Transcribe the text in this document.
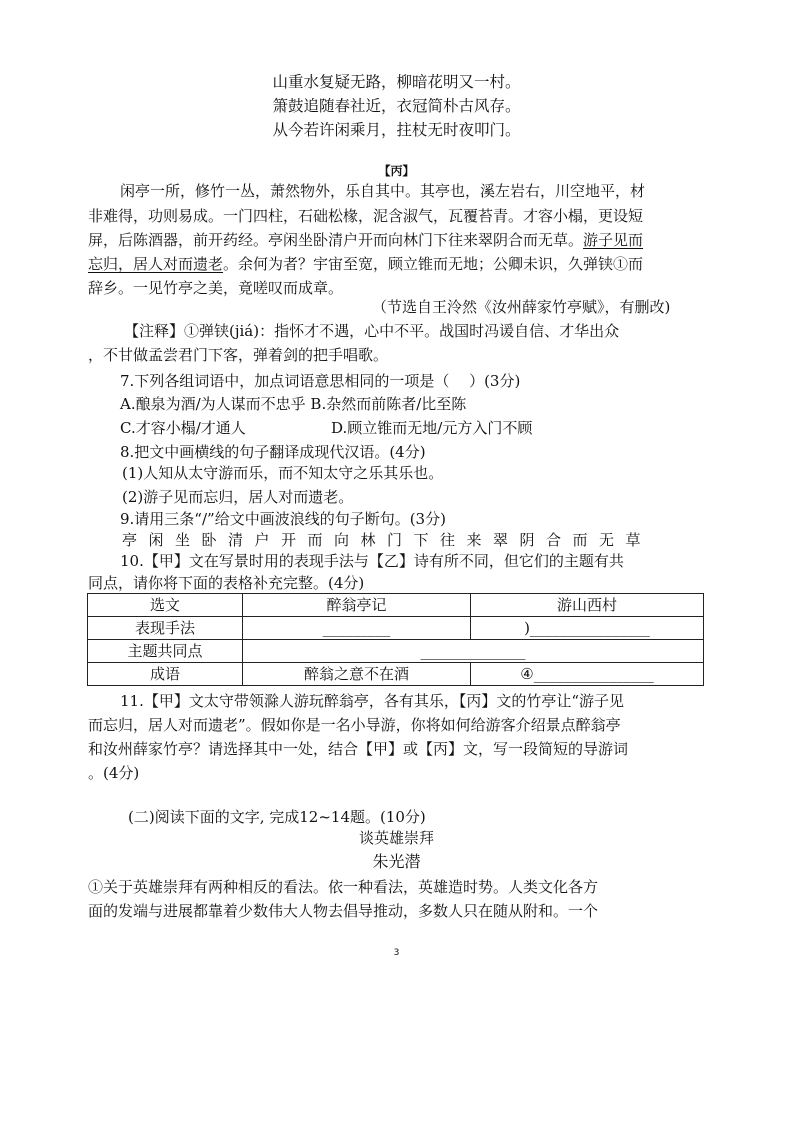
山重水复疑无路，柳暗花明又一村。
箫鼓追随春社近，衣冠简朴古风存。
从今若许闲乘月，拄杖无时夜叩门。
【丙】
闲亭一所，修竹一丛，萧然物外，乐自其中。其亭也，溪左岩右，川空地平，材
非难得，功则易成。一门四柱，石础松椽，泥含淑气，瓦覆苔青。才容小榻，更设短
屏，后陈酒器，前开药经。亭闲坐卧清户开而向林门下往来翠阴合而无草。游子见而
忘归，居人对而遗老。余何为者？宇宙至宽，顾立锥而无地；公卿未识，久弹铗①而
辞乡。一见竹亭之美，竟嗟叹而成章。
（节选自王泠然《汝州薛家竹亭赋》，有删改)
【注释】①弹铗(jiá)：指怀才不遇，心中不平。战国时冯谖自信、才华出众
，不甘做孟尝君门下客，弹着剑的把手唱歌。
7.下列各组词语中，加点词语意思相同的一项是（　 ）(3分)
A.酿泉为酒/为人谋而不忠乎 B.杂然而前陈者/比至陈
C.才容小榻/才通人	D.顾立锥而无地/元方入门不顾
8.把文中画横线的句子翻译成现代汉语。(4分)
(1)人知从太守游而乐，而不知太守之乐其乐也。
(2)游子见而忘归，居人对而遗老。
9.请用三条“/”给文中画波浪线的句子断句。(3分)
亭闲坐卧清户开而向林门下往来翠阴合而无草
10.【甲】文在写景时用的表现手法与【乙】诗有所不同，但它们的主题有共
同点，请你将下面的表格补充完整。(4分)
选文	醉翁亭记	游山西村
表现手法	_________	)________________
主题共同点	______________	
成语	醉翁之意不在酒	④________________
11.【甲】文太守带领滁人游玩醉翁亭，各有其乐，【丙】文的竹亭让“游子见
而忘归，居人对而遗老”。假如你是一名小导游，你将如何给游客介绍景点醉翁亭
和汝州薛家竹亭？请选择其中一处，结合【甲】或【丙】文，写一段简短的导游词
。(4分)
(二)阅读下面的文字, 完成12~14题。(10分)
谈英雄崇拜
朱光潜
①关于英雄崇拜有两种相反的看法。依一种看法，英雄造时势。人类文化各方
面的发端与进展都靠着少数伟大人物去倡导推动，多数人只在随从附和。一个
3
